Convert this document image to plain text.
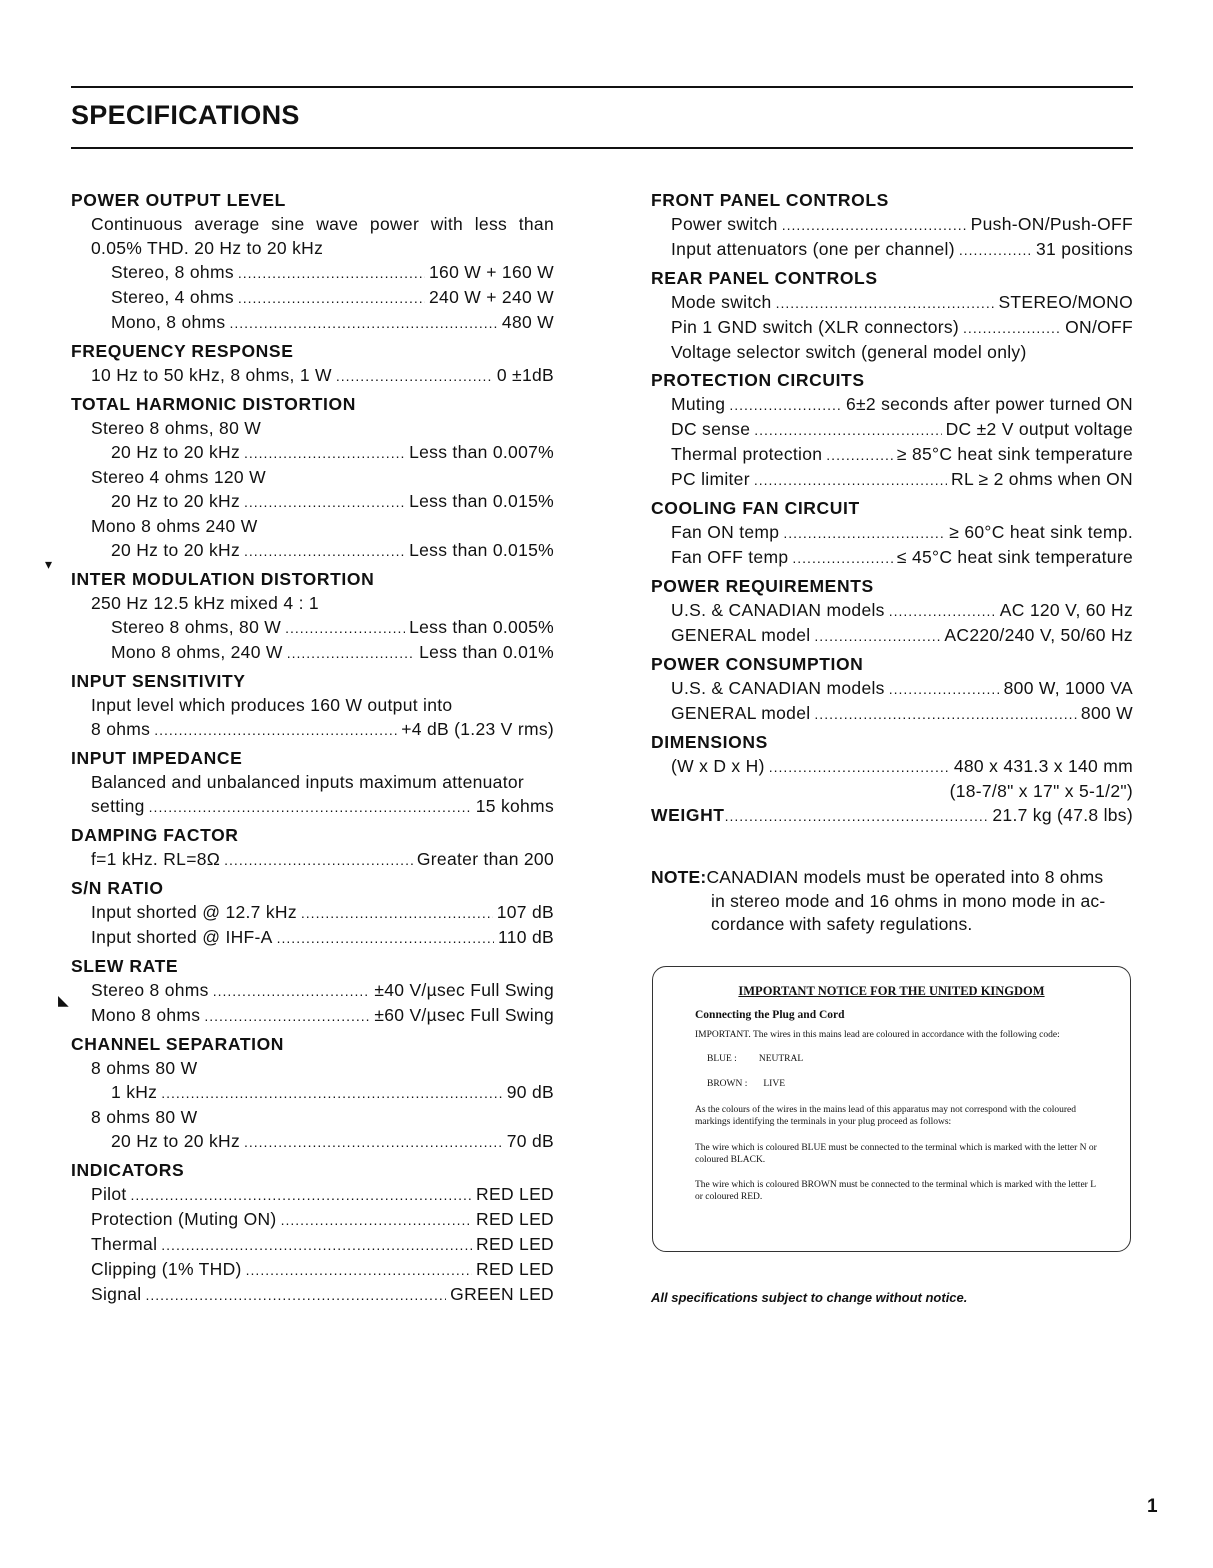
SPECIFICATIONS
▾
◣
POWER OUTPUT LEVEL
Continuous average sine wave power with less than 0.05% THD. 20 Hz to 20 kHz
Stereo, 8 ohms .....	160 W + 160 W
Stereo, 4 ohms .....	240 W + 240 W
Mono, 8 ohms .....	480 W
FREQUENCY RESPONSE
10 Hz to 50 kHz, 8 ohms, 1 W .....	0 ±1dB
TOTAL HARMONIC DISTORTION
Stereo 8 ohms, 80 W
20 Hz to 20 kHz .....	Less than 0.007%
Stereo 4 ohms 120 W
20 Hz to 20 kHz .....	Less than 0.015%
Mono 8 ohms 240 W
20 Hz to 20 kHz .....	Less than 0.015%
INTER MODULATION DISTORTION
250 Hz 12.5 kHz mixed 4 : 1
Stereo 8 ohms, 80 W .....	Less than 0.005%
Mono 8 ohms, 240 W .....	Less than 0.01%
INPUT SENSITIVITY
Input level which produces 160 W output into
8 ohms .....	+4 dB (1.23 V rms)
INPUT IMPEDANCE
Balanced and unbalanced inputs maximum attenuator
setting .....	15 kohms
DAMPING FACTOR
f=1 kHz. RL=8Ω .....	Greater than 200
S/N RATIO
Input shorted @ 12.7 kHz .....	107 dB
Input shorted @ IHF-A .....	110 dB
SLEW RATE
Stereo 8 ohms .....	±40 V/µsec Full Swing
Mono 8 ohms .....	±60 V/µsec Full Swing
CHANNEL SEPARATION
8 ohms 80 W
1 kHz .....	90 dB
8 ohms 80 W
20 Hz to 20 kHz .....	70 dB
INDICATORS
Pilot .....	RED LED
Protection (Muting ON) .....	RED LED
Thermal .....	RED LED
Clipping (1% THD) .....	RED LED
Signal .....	GREEN LED
FRONT PANEL CONTROLS
Power switch .....	Push-ON/Push-OFF
Input attenuators (one per channel) .....	31 positions
REAR PANEL CONTROLS
Mode switch .....	STEREO/MONO
Pin 1 GND switch (XLR connectors) .....	ON/OFF
Voltage selector switch (general model only)
PROTECTION CIRCUITS
Muting .....	6±2 seconds after power turned ON
DC sense .....	DC ±2 V output voltage
Thermal protection .....	≥ 85°C heat sink temperature
PC limiter .....	RL ≥ 2 ohms when ON
COOLING FAN CIRCUIT
Fan ON temp .....	≥ 60°C heat sink temp.
Fan OFF temp .....	≤ 45°C heat sink temperature
POWER REQUIREMENTS
U.S. & CANADIAN models .....	AC 120 V, 60 Hz
GENERAL model .....	AC220/240 V, 50/60 Hz
POWER CONSUMPTION
U.S. & CANADIAN models .....	800 W, 1000 VA
GENERAL model .....	800 W
DIMENSIONS
(W x D x H) .....	480 x 431.3 x 140 mm
(18-7/8" x 17" x 5-1/2")
WEIGHT .....	21.7 kg (47.8 lbs)
NOTE:CANADIAN models must be operated into 8 ohms
in stereo mode and 16 ohms in mono mode in ac-
cordance with safety regulations.
IMPORTANT NOTICE FOR THE UNITED KINGDOM
Connecting the Plug and Cord
IMPORTANT. The wires in this mains lead are coloured in accordance with the following code:
BLUE : NEUTRAL
BROWN : LIVE
As the colours of the wires in the mains lead of this apparatus may not correspond with the coloured markings identifying the terminals in your plug proceed as follows:
The wire which is coloured BLUE must be connected to the terminal which is marked with the letter N or coloured BLACK.
The wire which is coloured BROWN must be connected to the terminal which is marked with the letter L or coloured RED.
All specifications subject to change without notice.
1
